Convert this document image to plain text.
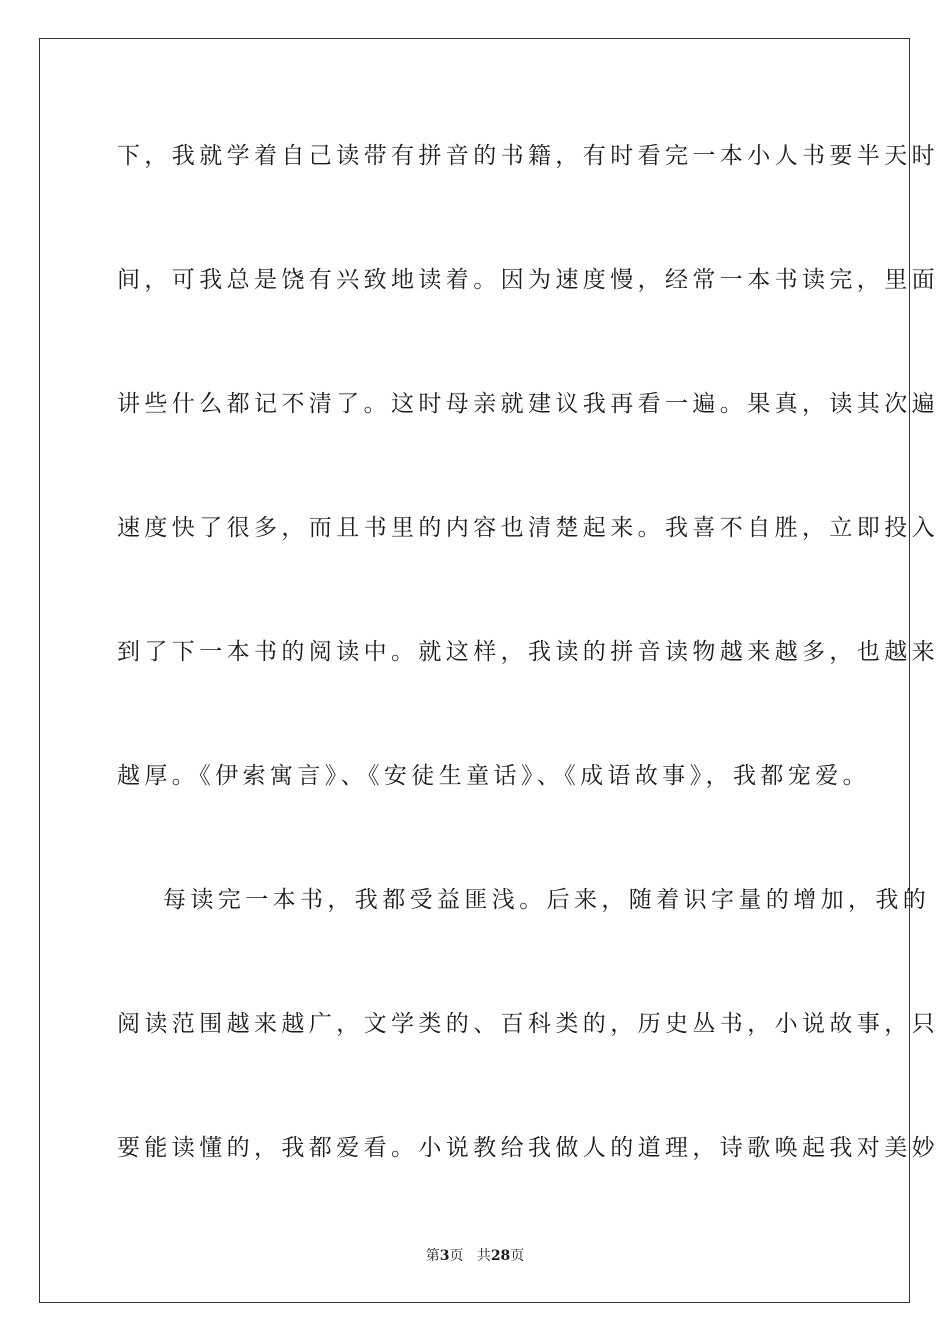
下，我就学着自己读带有拼音的书籍，有时看完一本小人书要半天时
间，可我总是饶有兴致地读着。因为速度慢，经常一本书读完，里面
讲些什么都记不清了。这时母亲就建议我再看一遍。果真，读其次遍
速度快了很多，而且书里的内容也清楚起来。我喜不自胜，立即投入
到了下一本书的阅读中。就这样，我读的拼音读物越来越多，也越来
越厚。《伊索寓言》、《安徒生童话》、《成语故事》，我都宠爱。
每读完一本书，我都受益匪浅。后来，随着识字量的增加，我的
阅读范围越来越广，文学类的、百科类的，历史丛书，小说故事，只
要能读懂的，我都爱看。小说教给我做人的道理，诗歌唤起我对美妙
第3页 共28页
